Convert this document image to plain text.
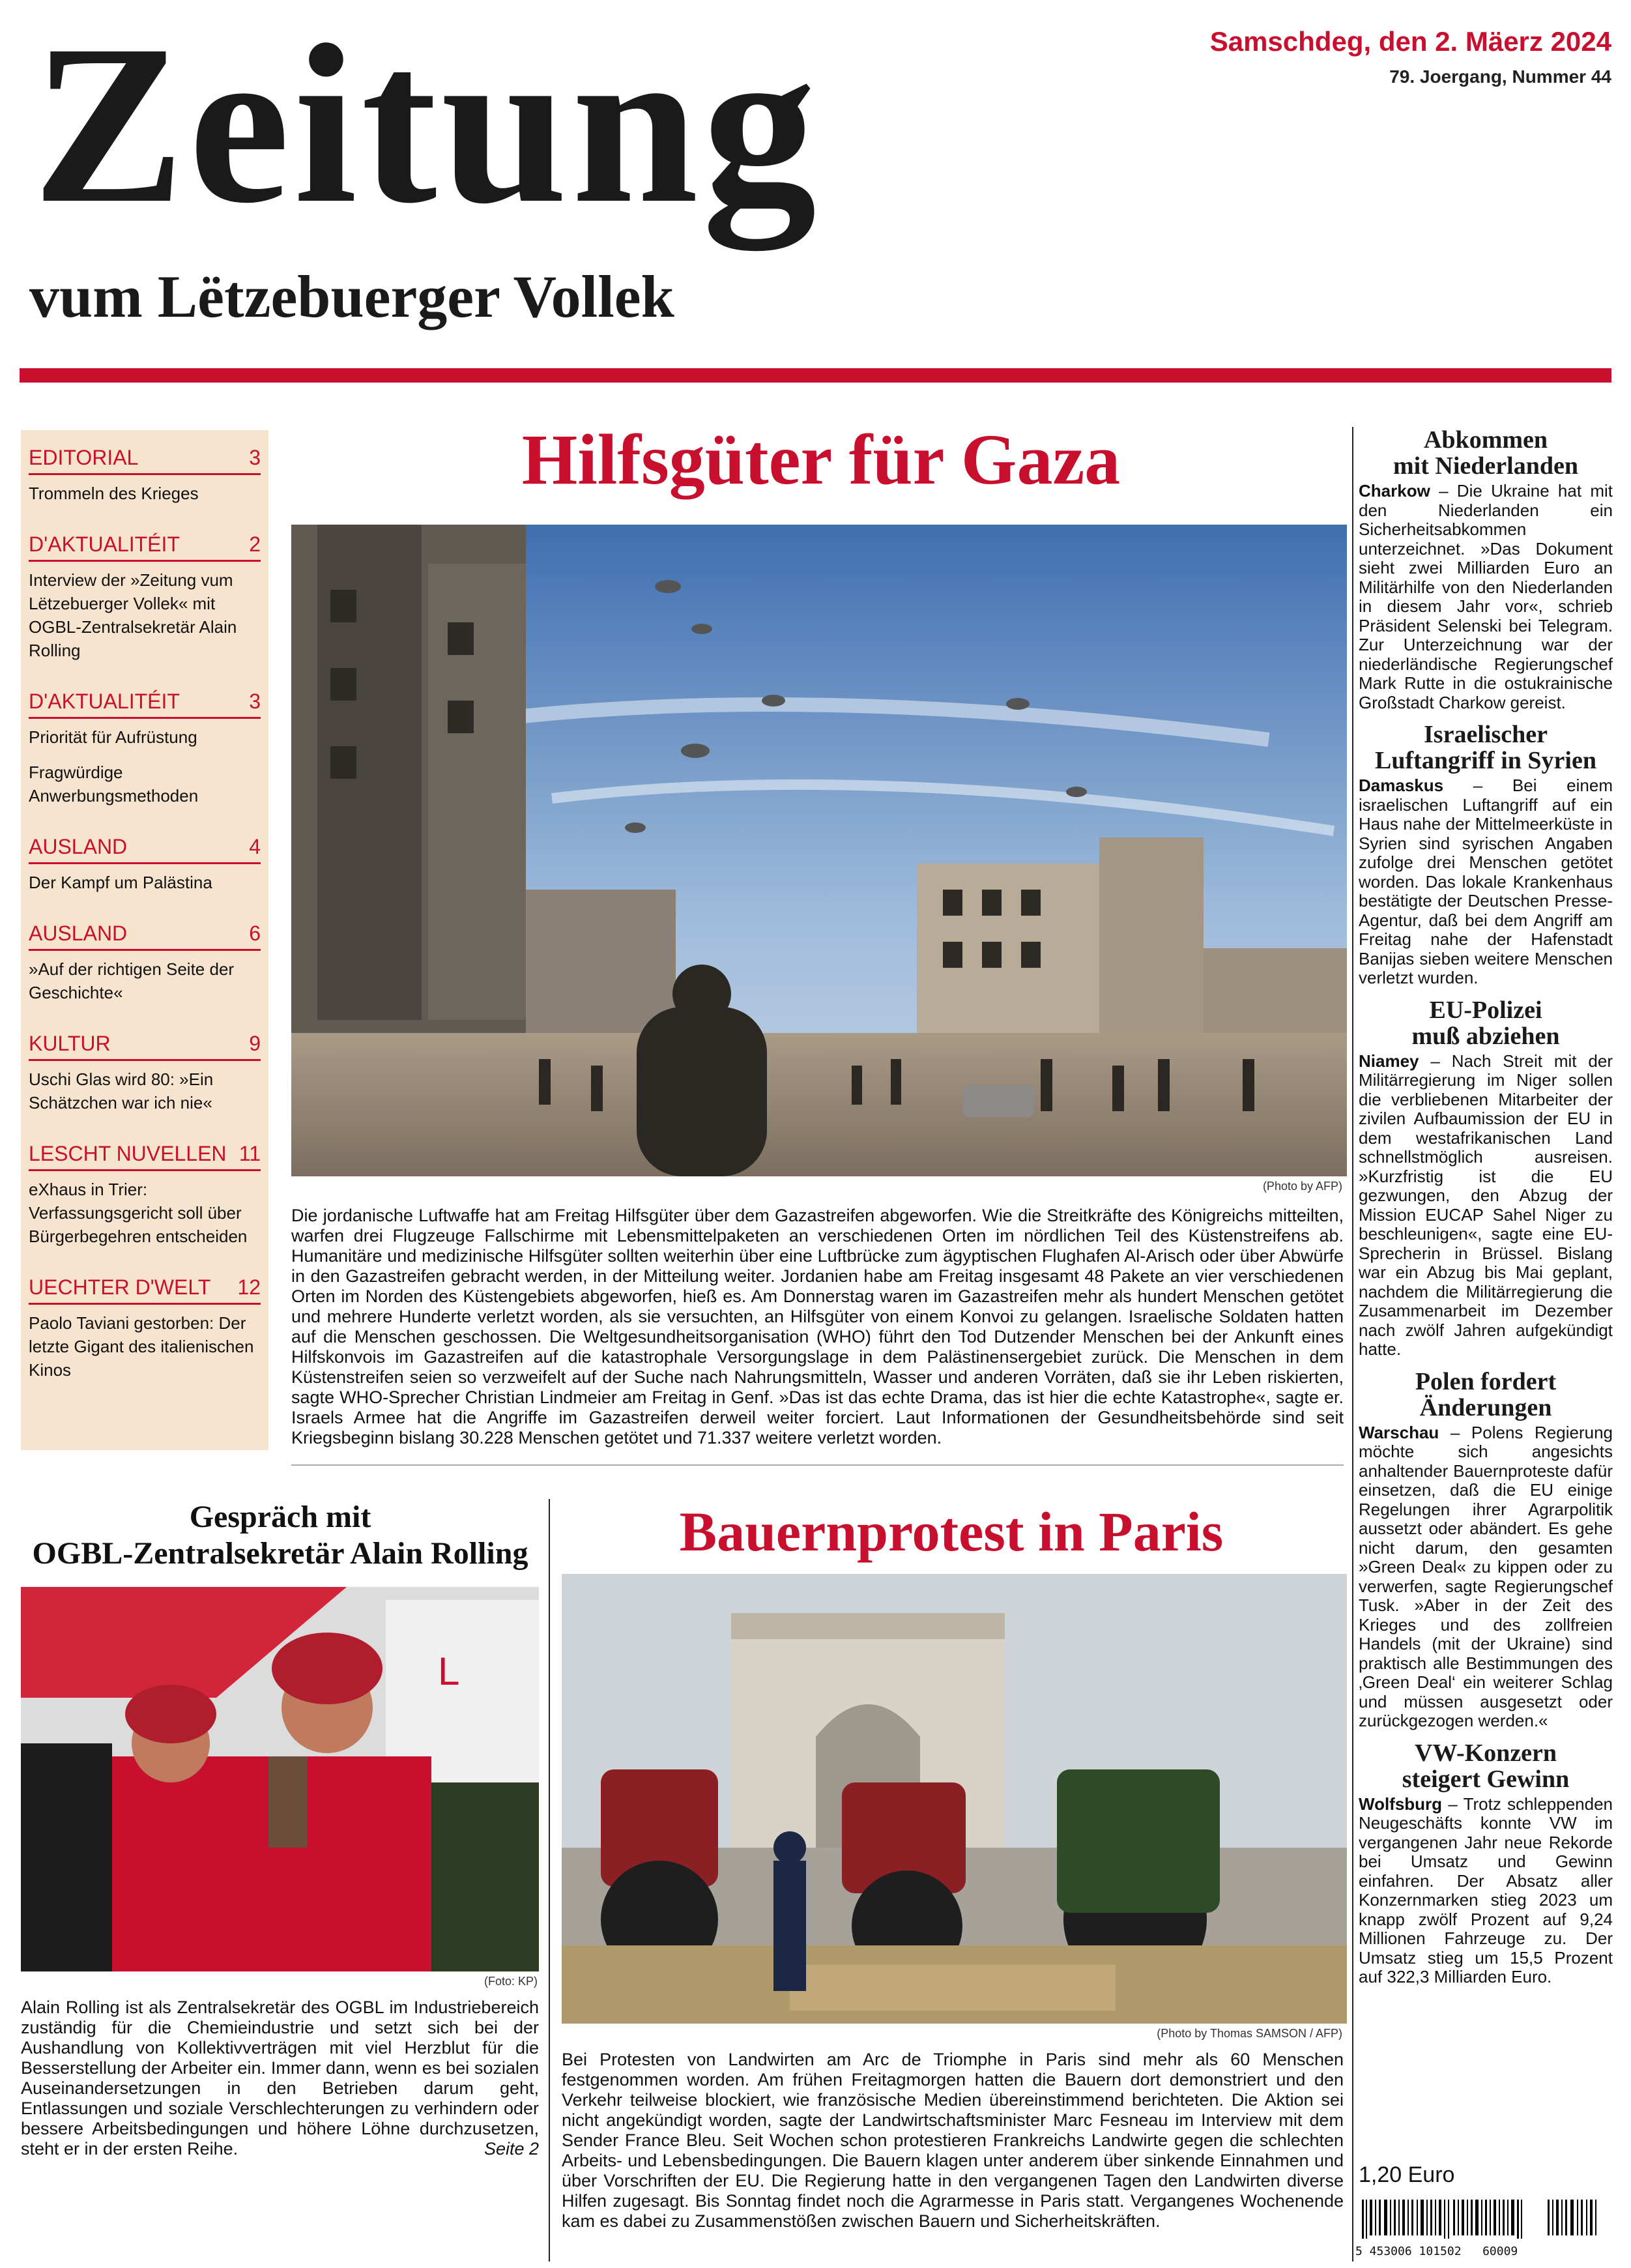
Zeitung
vum Lëtzebuerger Vollek
Samschdeg, den 2. Mäerz 2024
79. Joergang, Nummer 44
EDITORIAL	3
Trommeln des Krieges
D'AKTUALITÉIT	2
Interview der »Zeitung vum Lëtzebuerger Vollek« mit OGBL-Zentralsekretär Alain Rolling
D'AKTUALITÉIT	3
Priorität für Aufrüstung
Fragwürdige Anwerbungsmethoden
AUSLAND	4
Der Kampf um Palästina
AUSLAND	6
»Auf der richtigen Seite der Geschichte«
KULTUR	9
Uschi Glas wird 80: »Ein Schätzchen war ich nie«
LESCHT NUVELLEN 11
eXhaus in Trier: Verfassungsgericht soll über Bürgerbegehren entscheiden
UECHTER D'WELT 12
Paolo Taviani gestorben: Der letzte Gigant des italienischen Kinos
Hilfsgüter für Gaza
(Photo by AFP)
Die jordanische Luftwaffe hat am Freitag Hilfsgüter über dem Gazastreifen abgeworfen. Wie die Streitkräfte des Königreichs mitteilten, warfen drei Flugzeuge Fallschirme mit Lebensmittelpaketen an verschiedenen Orten im nördlichen Teil des Küstenstreifens ab. Humanitäre und medizinische Hilfsgüter sollten weiterhin über eine Luftbrücke zum ägyptischen Flughafen Al-Arisch oder über Abwürfe in den Gazastreifen gebracht werden, in der Mitteilung weiter. Jordanien habe am Freitag insgesamt 48 Pakete an vier verschiedenen Orten im Norden des Küstengebiets abgeworfen, hieß es. Am Donnerstag waren im Gazastreifen mehr als hundert Menschen getötet und mehrere Hunderte verletzt worden, als sie versuchten, an Hilfsgüter von einem Konvoi zu gelangen. Israelische Soldaten hatten auf die Menschen geschossen. Die Weltgesundheitsorganisation (WHO) führt den Tod Dutzender Menschen bei der Ankunft eines Hilfskonvois im Gazastreifen auf die katastrophale Versorgungslage in dem Palästinensergebiet zurück. Die Menschen in dem Küstenstreifen seien so verzweifelt auf der Suche nach Nahrungsmitteln, Wasser und anderen Vorräten, daß sie ihr Leben riskierten, sagte WHO-Sprecher Christian Lindmeier am Freitag in Genf. »Das ist das echte Drama, das ist hier die echte Katastrophe«, sagte er. Israels Armee hat die Angriffe im Gazastreifen derweil weiter forciert. Laut Informationen der Gesundheitsbehörde sind seit Kriegsbeginn bislang 30.228 Menschen getötet und 71.337 weitere verletzt worden.
Gespräch mit
OGBL-Zentralsekretär Alain Rolling
L
(Foto: KP)
Alain Rolling ist als Zentralsekretär des OGBL im Industriebereich zuständig für die Chemieindustrie und setzt sich bei der Aushandlung von Kollektivverträgen mit viel Herzblut für die Besserstellung der Arbeiter ein. Immer dann, wenn es bei sozialen Auseinandersetzungen in den Betrieben darum geht, Entlassungen und soziale Verschlechterungen zu verhindern oder bessere Arbeitsbedingungen und höhere Löhne durchzusetzen, steht er in der ersten Reihe.	Seite 2
Bauernprotest in Paris
(Photo by Thomas SAMSON / AFP)
Bei Protesten von Landwirten am Arc de Triomphe in Paris sind mehr als 60 Menschen festgenommen worden. Am frühen Freitagmorgen hatten die Bauern dort demonstriert und den Verkehr teilweise blockiert, wie französische Medien übereinstimmend berichteten. Die Aktion sei nicht angekündigt worden, sagte der Landwirtschaftsminister Marc Fesneau im Interview mit dem Sender France Bleu. Seit Wochen schon protestieren Frankreichs Landwirte gegen die schlechten Arbeits- und Lebensbedingungen. Die Bauern klagen unter anderem über sinkende Einnahmen und über Vorschriften der EU. Die Regierung hatte in den vergangenen Tagen den Landwirten diverse Hilfen zugesagt. Bis Sonntag findet noch die Agrarmesse in Paris statt. Vergangenes Wochenende kam es dabei zu Zusammenstößen zwischen Bauern und Sicherheitskräften.
Abkommen
mit Niederlanden
Charkow – Die Ukraine hat mit den Niederlanden ein Sicherheitsabkommen unterzeichnet. »Das Dokument sieht zwei Milliarden Euro an Militärhilfe von den Niederlanden in diesem Jahr vor«, schrieb Präsident Selenski bei Telegram. Zur Unterzeichnung war der niederländische Regierungschef Mark Rutte in die ostukrainische Großstadt Charkow gereist.
Israelischer
Luftangriff in Syrien
Damaskus – Bei einem israelischen Luftangriff auf ein Haus nahe der Mittelmeerküste in Syrien sind syrischen Angaben zufolge drei Menschen getötet worden. Das lokale Krankenhaus bestätigte der Deutschen Presse-Agentur, daß bei dem Angriff am Freitag nahe der Hafenstadt Banijas sieben weitere Menschen verletzt wurden.
EU-Polizei
muß abziehen
Niamey – Nach Streit mit der Militärregierung im Niger sollen die verbliebenen Mitarbeiter der zivilen Aufbaumission der EU in dem westafrikanischen Land schnellstmöglich ausreisen. »Kurzfristig ist die EU gezwungen, den Abzug der Mission EUCAP Sahel Niger zu beschleunigen«, sagte eine EU-Sprecherin in Brüssel. Bislang war ein Abzug bis Mai geplant, nachdem die Militärregierung die Zusammenarbeit im Dezember nach zwölf Jahren aufgekündigt hatte.
Polen fordert
Änderungen
Warschau – Polens Regierung möchte sich angesichts anhaltender Bauernproteste dafür einsetzen, daß die EU einige Regelungen ihrer Agrarpolitik aussetzt oder abändert. Es gehe nicht darum, den gesamten »Green Deal« zu kippen oder zu verwerfen, sagte Regierungschef Tusk. »Aber in der Zeit des Krieges und des zollfreien Handels (mit der Ukraine) sind praktisch alle Bestimmungen des ‚Green Deal‘ ein weiterer Schlag und müssen ausgesetzt oder zurückgezogen werden.«
VW-Konzern
steigert Gewinn
Wolfsburg – Trotz schleppenden Neugeschäfts konnte VW im vergangenen Jahr neue Rekorde bei Umsatz und Gewinn einfahren. Der Absatz aller Konzernmarken stieg 2023 um knapp zwölf Prozent auf 9,24 Millionen Fahrzeuge zu. Der Umsatz stieg um 15,5 Prozent auf 322,3 Milliarden Euro.
1,20 Euro
5 453006 101502   60009
